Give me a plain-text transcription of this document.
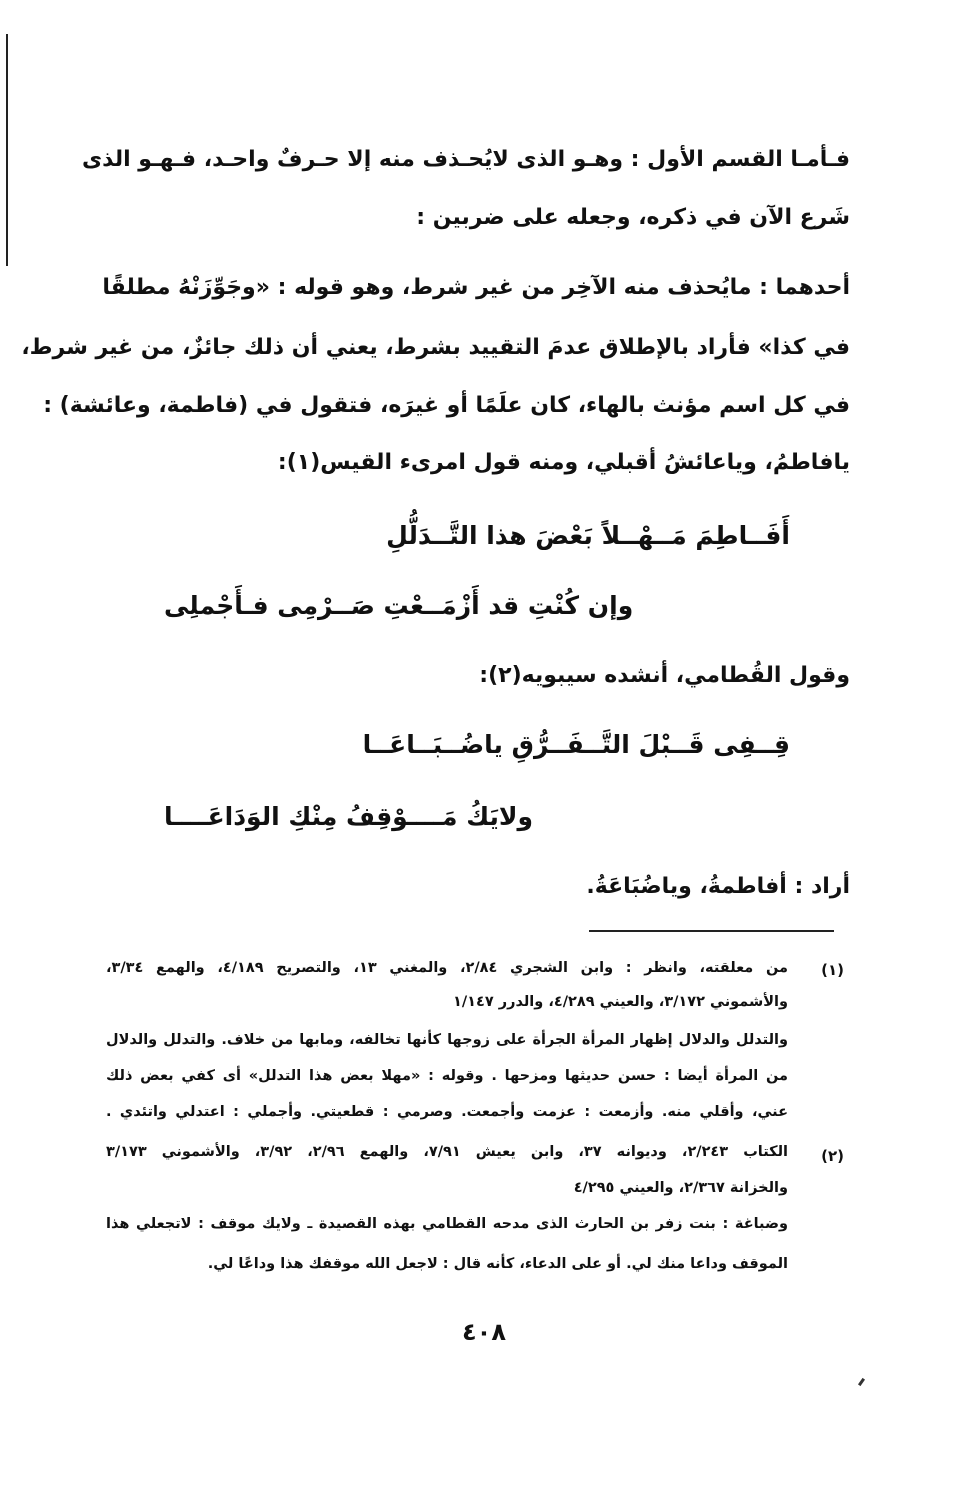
فـأمـا القسم الأول : وهـو الذى لايُحـذف منه إلا حـرفٌ واحـد، فـهـو الذى
شَرع الآن في ذكره، وجعله على ضربين :
أحدهما : مايُحذف منه الآخِر من غير شرط، وهو قوله : «وجَوِّزَنْهُ مطلقًا
في كذا» فأراد بالإطلاق عدمَ التقييد بشرط، يعني أن ذلك جائزٌ، من غير شرط،
في كل اسم مؤنث بالهاء، كان علَمًا أو غيرَه، فتقول في (فاطمة، وعائشة) :
يافاطمُ، وياعائشُ أقبلي، ومنه قول امرىء القيس(١):
أَفَــاطِمَ مَــهْــلاً بَعْضَ هذا التَّــدَلُّلِ
وإن كُنْتِ قد أَزْمَــعْتِ صَــرْمِى فـأَجْملِى
وقول القُطامي، أنشده سيبويه(٢):
قِــفِى قَــبْلَ التَّــفَــرُّقِ ياضُــبَــاعَــا
ولايَكُ مَــــوْقِفُ مِنْكِ الوَدَاعَــــا
أراد : أفاطمةُ، وياضُبَاعَةُ.
(١)
من معلقته، وانظر : وابن الشجري ٢/٨٤، والمغني ١٣، والتصريح ٤/١٨٩، والهمع ٣/٣٤،
والأشموني ٣/١٧٢، والعيني ٤/٢٨٩، والدرر ١/١٤٧
والتدلل والدلال إظهار المرأة الجرأة على زوجها كأنها تخالفه، ومابها من خلاف. والتدلل والدلال
من المرأة أيضا : حسن حديثها ومزحها . وقوله : «مهلا بعض هذا التدلل» أى كفي بعض ذلك
عني، وأقلي منه. وأزمعت : عزمت وأجمعت. وصرمي : قطعيتي. وأجملي : اعتدلي واتئدي .
(٢)
الكتاب ٢/٢٤٣، وديوانه ٣٧، وابن يعيش ٧/٩١، والهمع ٢/٩٦، ٣/٩٢، والأشموني ٣/١٧٣
والخزانة ٢/٣٦٧، والعيني ٤/٢٩٥
وضباغة : بنت زفر بن الحارث الذى مدحه القطامي بهذه القصيدة ـ ولايك موقف : لاتجعلي هذا
الموقف وداعا منك لي. أو على الدعاء، كأنه قال : لاجعل الله موقفك هذا وداعًا لي.
٤٠٨
